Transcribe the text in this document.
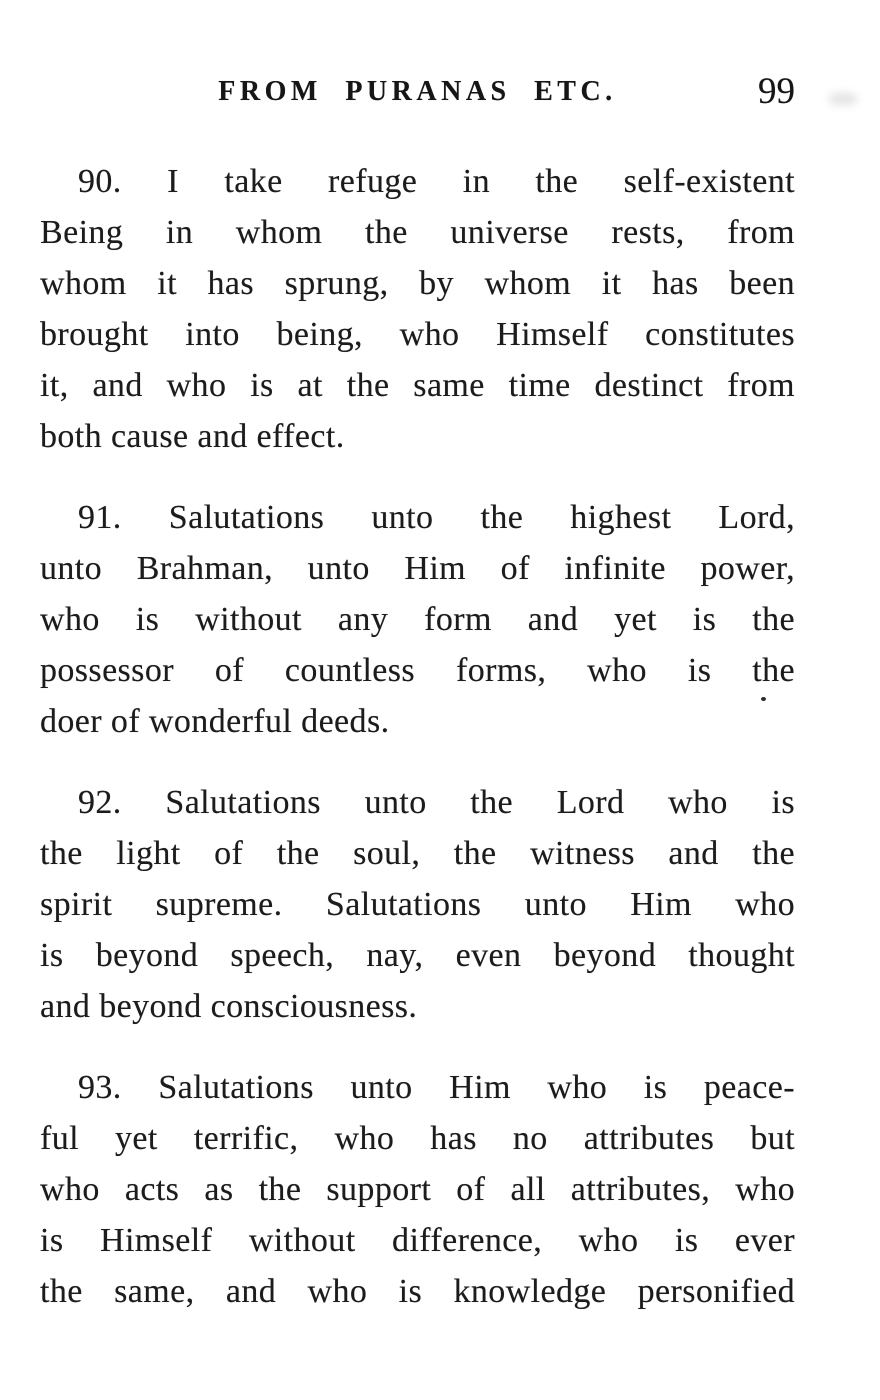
FROM PURANAS ETC.	99
90. I take refuge in the self-existent
Being in whom the universe rests, from
whom it has sprung, by whom it has been
brought into being, who Himself constitutes
it, and who is at the same time destinct from
both cause and effect.
91. Salutations unto the highest Lord,
unto Brahman, unto Him of infinite power,
who is without any form and yet is the
possessor of countless forms, who is the
doer of wonderful deeds.
92. Salutations unto the Lord who is
the light of the soul, the witness and the
spirit supreme. Salutations unto Him who
is beyond speech, nay, even beyond thought
and beyond consciousness.
93. Salutations unto Him who is peace-
ful yet terrific, who has no attributes but
who acts as the support of all attributes, who
is Himself without difference, who is ever
the same, and who is knowledge personified
